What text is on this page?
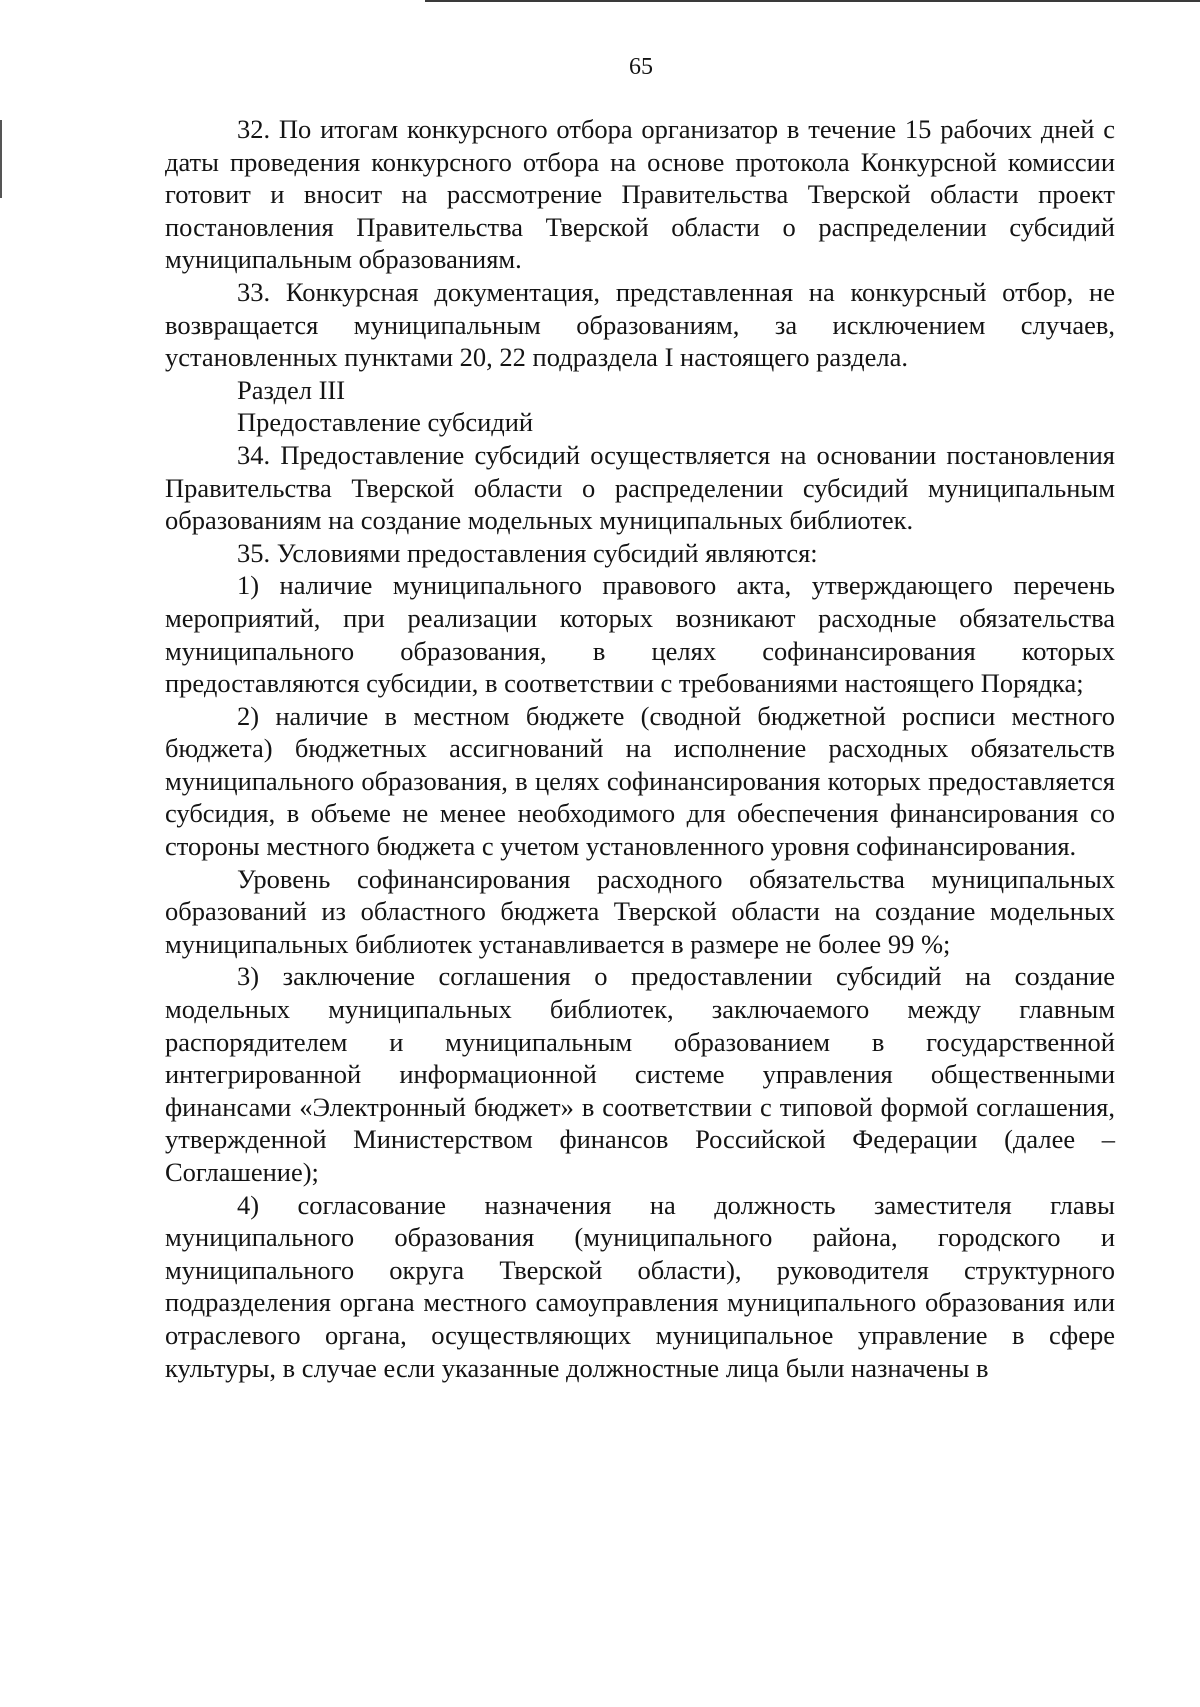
65

32. По итогам конкурсного отбора организатор в течение 15 рабочих дней с даты проведения конкурсного отбора на основе протокола Конкурсной комиссии готовит и вносит на рассмотрение Правительства Тверской области проект постановления Правительства Тверской области о распределении субсидий муниципальным образованиям.

33. Конкурсная документация, представленная на конкурсный отбор, не возвращается муниципальным образованиям, за исключением случаев, установленных пунктами 20, 22 подраздела I настоящего раздела.

Раздел III

Предоставление субсидий

34. Предоставление субсидий осуществляется на основании постановления Правительства Тверской области о распределении субсидий муниципальным образованиям на создание модельных муниципальных библиотек.

35. Условиями предоставления субсидий являются:

1) наличие муниципального правового акта, утверждающего перечень мероприятий, при реализации которых возникают расходные обязательства муниципального образования, в целях софинансирования которых предоставляются субсидии, в соответствии с требованиями настоящего Порядка;

2) наличие в местном бюджете (сводной бюджетной росписи местного бюджета) бюджетных ассигнований на исполнение расходных обязательств муниципального образования, в целях софинансирования которых предоставляется субсидия, в объеме не менее необходимого для обеспечения финансирования со стороны местного бюджета с учетом установленного уровня софинансирования.

Уровень софинансирования расходного обязательства муниципальных образований из областного бюджета Тверской области на создание модельных муниципальных библиотек устанавливается в размере не более 99 %;

3) заключение соглашения о предоставлении субсидий на создание модельных муниципальных библиотек, заключаемого между главным распорядителем и муниципальным образованием в государственной интегрированной информационной системе управления общественными финансами «Электронный бюджет» в соответствии с типовой формой соглашения, утвержденной Министерством финансов Российской Федерации (далее – Соглашение);

4) согласование назначения на должность заместителя главы муниципального образования (муниципального района, городского и муниципального округа Тверской области), руководителя структурного подразделения органа местного самоуправления муниципального образования или отраслевого органа, осуществляющих муниципальное управление в сфере культуры, в случае если указанные должностные лица были назначены в
